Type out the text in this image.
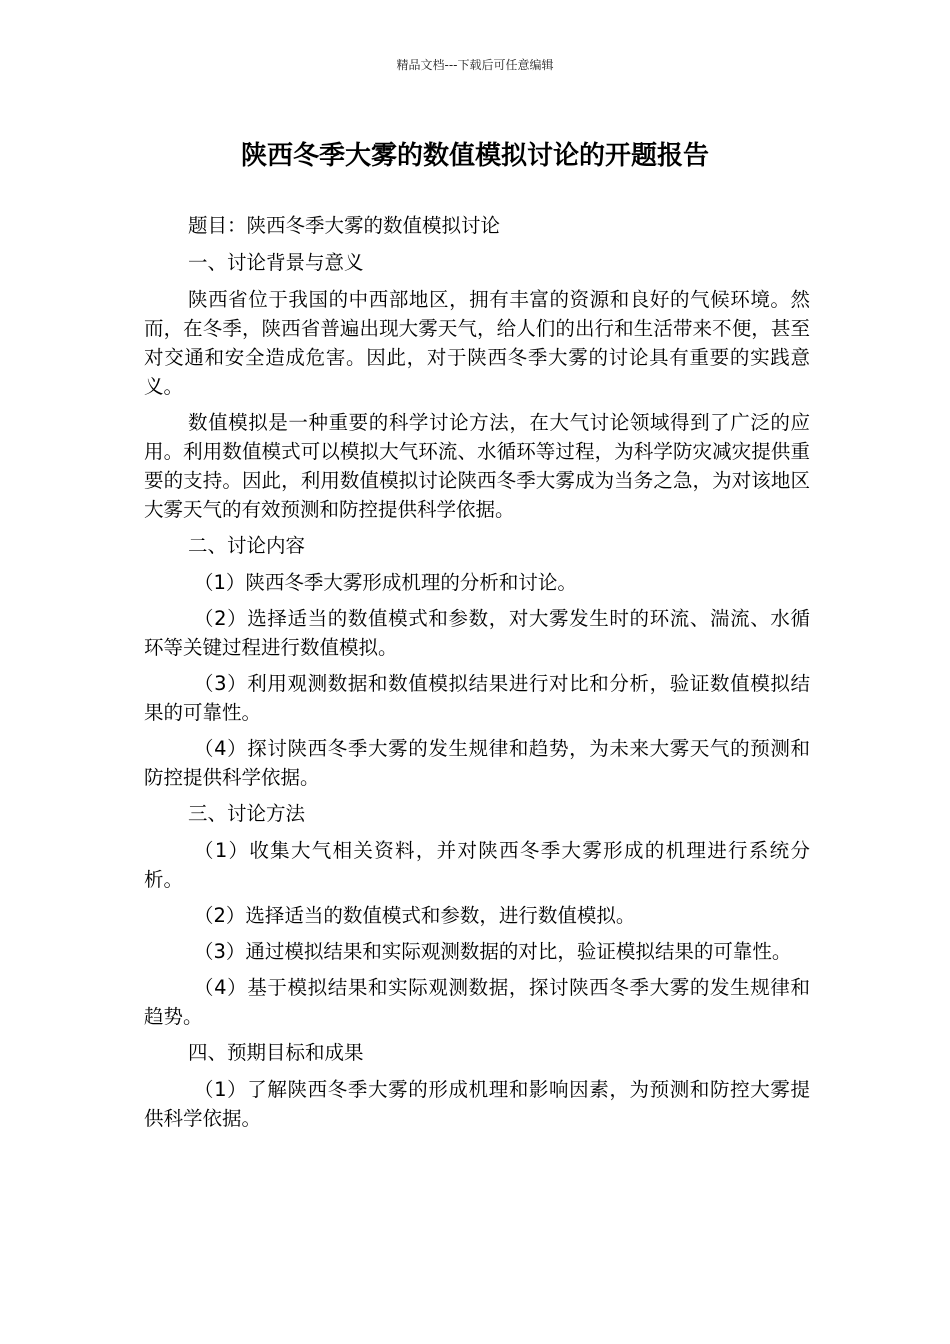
精品文档---下载后可任意编辑
陕西冬季大雾的数值模拟讨论的开题报告

题目：陕西冬季大雾的数值模拟讨论

一、讨论背景与意义

陕西省位于我国的中西部地区，拥有丰富的资源和良好的气候环境。然而，在冬季，陕西省普遍出现大雾天气，给人们的出行和生活带来不便，甚至对交通和安全造成危害。因此，对于陕西冬季大雾的讨论具有重要的实践意义。

数值模拟是一种重要的科学讨论方法，在大气讨论领域得到了广泛的应用。利用数值模式可以模拟大气环流、水循环等过程，为科学防灾减灾提供重要的支持。因此，利用数值模拟讨论陕西冬季大雾成为当务之急，为对该地区大雾天气的有效预测和防控提供科学依据。

二、讨论内容

（1）陕西冬季大雾形成机理的分析和讨论。

（2）选择适当的数值模式和参数，对大雾发生时的环流、湍流、水循环等关键过程进行数值模拟。

（3）利用观测数据和数值模拟结果进行对比和分析，验证数值模拟结果的可靠性。

（4）探讨陕西冬季大雾的发生规律和趋势，为未来大雾天气的预测和防控提供科学依据。

三、讨论方法

（1）收集大气相关资料，并对陕西冬季大雾形成的机理进行系统分析。

（2）选择适当的数值模式和参数，进行数值模拟。

（3）通过模拟结果和实际观测数据的对比，验证模拟结果的可靠性。

（4）基于模拟结果和实际观测数据，探讨陕西冬季大雾的发生规律和趋势。

四、预期目标和成果

（1）了解陕西冬季大雾的形成机理和影响因素，为预测和防控大雾提供科学依据。
